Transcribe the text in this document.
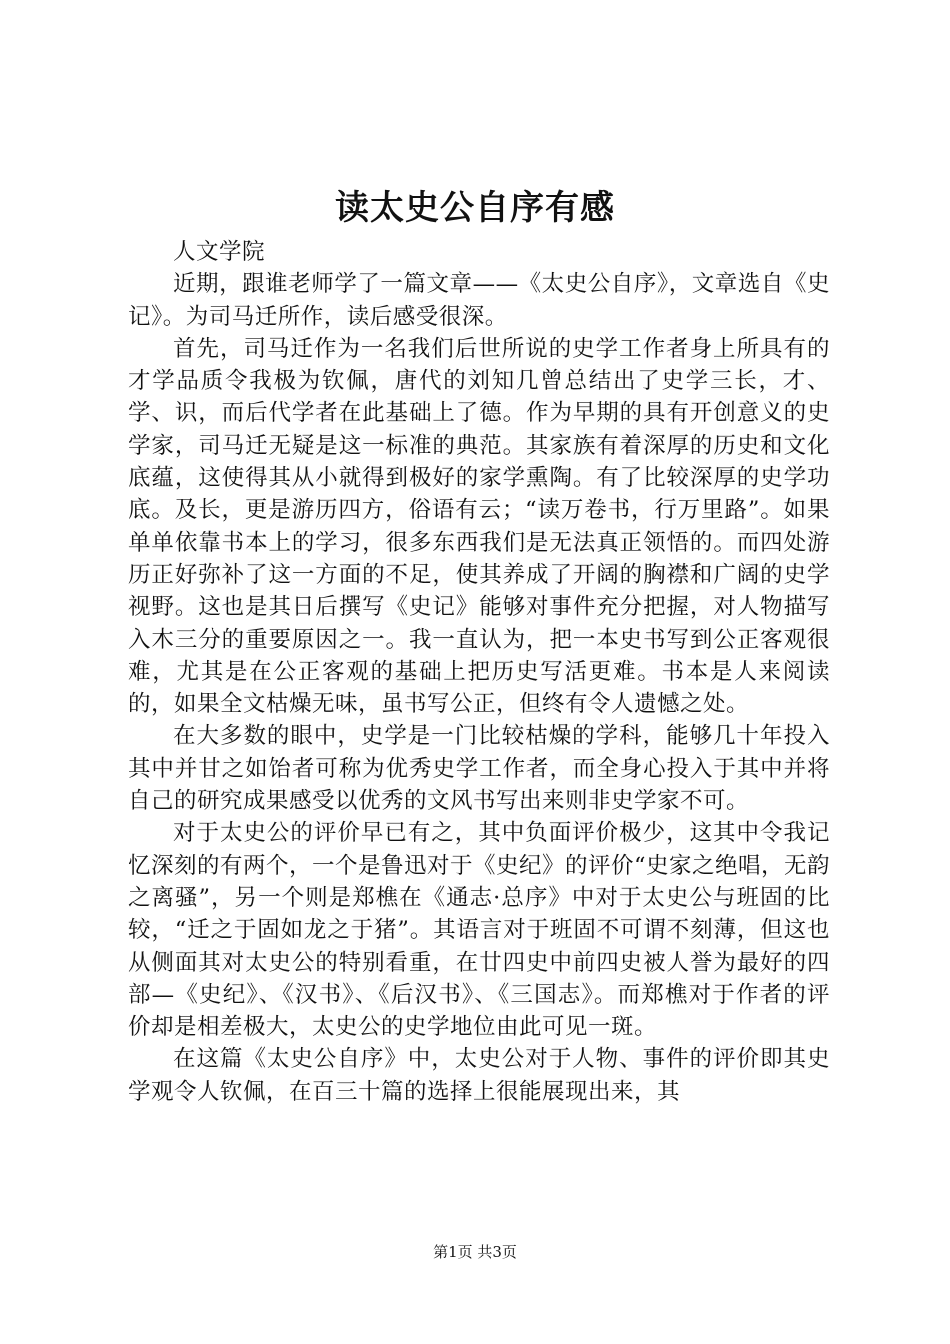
读太史公自序有感

人文学院

近期，跟谁老师学了一篇文章——《太史公自序》，文章选自《史记》。为司马迁所作，读后感受很深。

首先，司马迁作为一名我们后世所说的史学工作者身上所具有的才学品质令我极为钦佩，唐代的刘知几曾总结出了史学三长，才、学、识，而后代学者在此基础上了德。作为早期的具有开创意义的史学家，司马迁无疑是这一标准的典范。其家族有着深厚的历史和文化底蕴，这使得其从小就得到极好的家学熏陶。有了比较深厚的史学功底。及长，更是游历四方，俗语有云；“读万卷书，行万里路”。如果单单依靠书本上的学习，很多东西我们是无法真正领悟的。而四处游历正好弥补了这一方面的不足，使其养成了开阔的胸襟和广阔的史学视野。这也是其日后撰写《史记》能够对事件充分把握，对人物描写入木三分的重要原因之一。我一直认为，把一本史书写到公正客观很难，尤其是在公正客观的基础上把历史写活更难。书本是人来阅读的，如果全文枯燥无味，虽书写公正，但终有令人遗憾之处。

在大多数的眼中，史学是一门比较枯燥的学科，能够几十年投入其中并甘之如饴者可称为优秀史学工作者，而全身心投入于其中并将自己的研究成果感受以优秀的文风书写出来则非史学家不可。

对于太史公的评价早已有之，其中负面评价极少，这其中令我记忆深刻的有两个，一个是鲁迅对于《史纪》的评价“史家之绝唱，无韵之离骚”，另一个则是郑樵在《通志·总序》中对于太史公与班固的比较，“迁之于固如龙之于猪”。其语言对于班固不可谓不刻薄，但这也从侧面其对太史公的特别看重，在廿四史中前四史被人誉为最好的四部—《史纪》、《汉书》、《后汉书》、《三国志》。而郑樵对于作者的评价却是相差极大，太史公的史学地位由此可见一斑。

在这篇《太史公自序》中，太史公对于人物、事件的评价即其史学观令人钦佩，在百三十篇的选择上很能展现出来，其

第1页 共3页
